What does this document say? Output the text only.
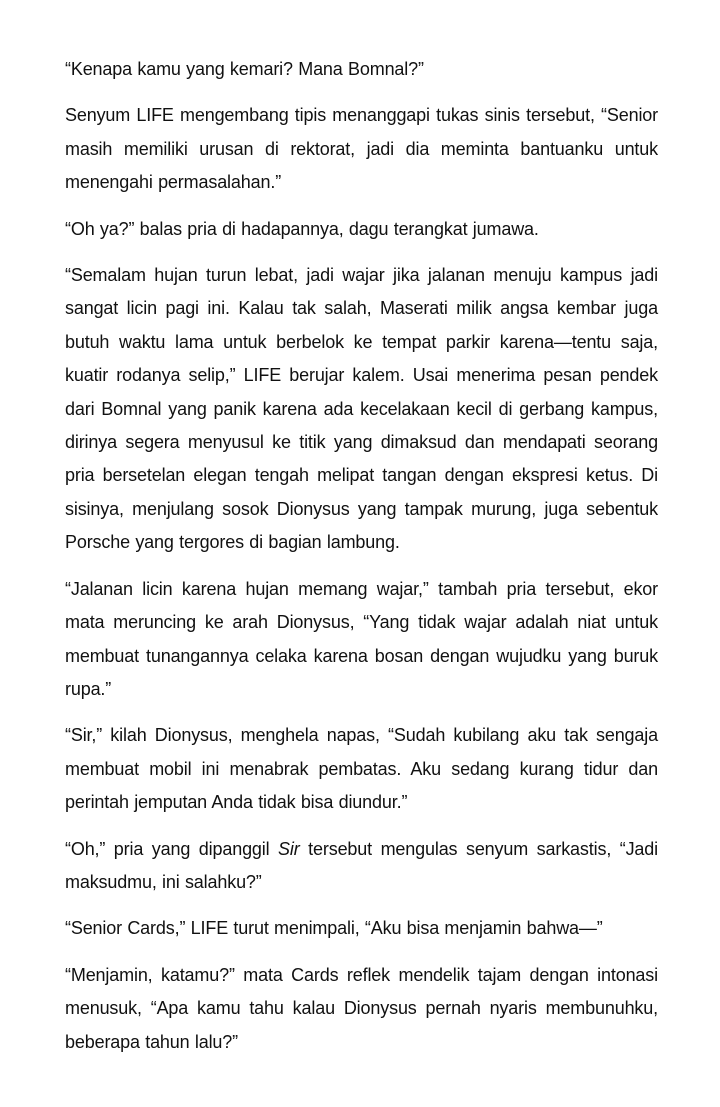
“Kenapa kamu yang kemari? Mana Bomnal?”

Senyum LIFE mengembang tipis menanggapi tukas sinis tersebut, “Senior masih memiliki urusan di rektorat, jadi dia meminta bantuanku untuk menengahi permasalahan.”

“Oh ya?” balas pria di hadapannya, dagu terangkat jumawa.

“Semalam hujan turun lebat, jadi wajar jika jalanan menuju kampus jadi sangat licin pagi ini. Kalau tak salah, Maserati milik angsa kembar juga butuh waktu lama untuk berbelok ke tempat parkir karena—tentu saja, kuatir rodanya selip,” LIFE berujar kalem. Usai menerima pesan pendek dari Bomnal yang panik karena ada kecelakaan kecil di gerbang kampus, dirinya segera menyusul ke titik yang dimaksud dan mendapati seorang pria bersetelan elegan tengah melipat tangan dengan ekspresi ketus. Di sisinya, menjulang sosok Dionysus yang tampak murung, juga sebentuk Porsche yang tergores di bagian lambung.

“Jalanan licin karena hujan memang wajar,” tambah pria tersebut, ekor mata meruncing ke arah Dionysus, “Yang tidak wajar adalah niat untuk membuat tunangannya celaka karena bosan dengan wujudku yang buruk rupa.”

“Sir,” kilah Dionysus, menghela napas, “Sudah kubilang aku tak sengaja membuat mobil ini menabrak pembatas. Aku sedang kurang tidur dan perintah jemputan Anda tidak bisa diundur.”

“Oh,” pria yang dipanggil Sir tersebut mengulas senyum sarkastis, “Jadi maksudmu, ini salahku?”

“Senior Cards,” LIFE turut menimpali, “Aku bisa menjamin bahwa—”

“Menjamin, katamu?” mata Cards reflek mendelik tajam dengan intonasi menusuk, “Apa kamu tahu kalau Dionysus pernah nyaris membunuhku, beberapa tahun lalu?”
